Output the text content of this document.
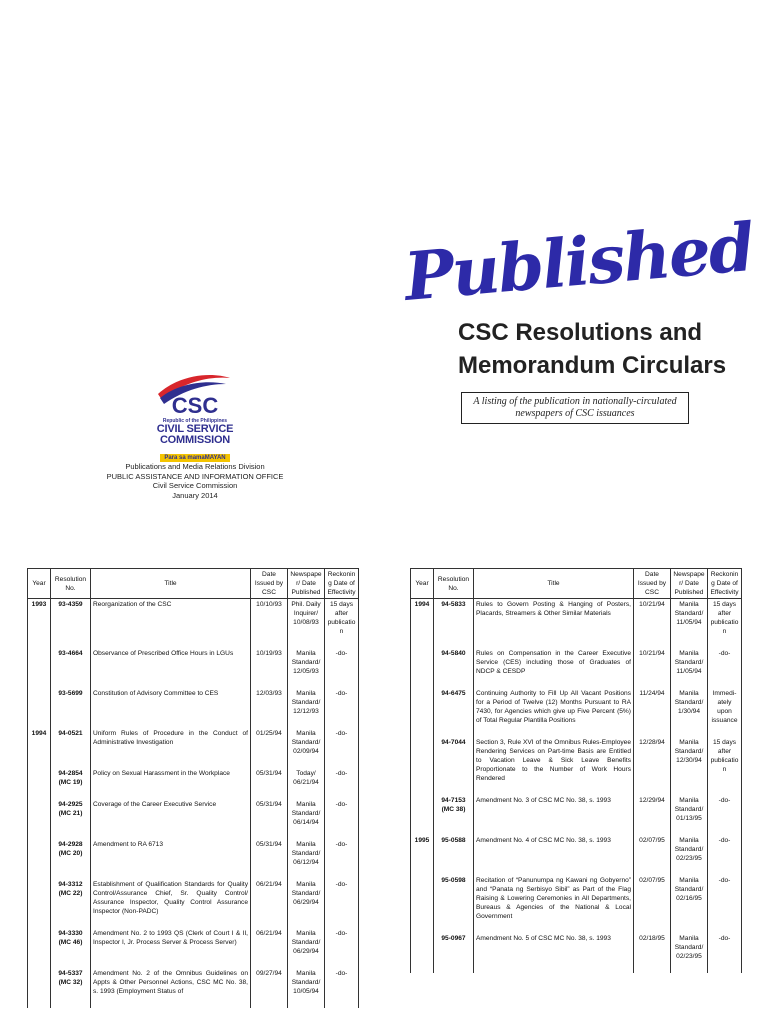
Published
CSC Resolutions and
Memorandum Circulars
A listing of the publication in nationally-circulated newspapers of CSC issuances
CSC
Republic of the Philippines
CIVIL SERVICE
COMMISSION
Para sa mamaMAYAN
Publications and Media Relations Division
PUBLIC ASSISTANCE AND INFORMATION OFFICE
Civil Service Commission
January 2014
Year	Resolution No.	Title	Date Issued by CSC	Newspaper/ Date Published	Reckoning Date of Effectivity
1993	93-4359	Reorganization of the CSC	10/10/93	Phil. Daily Inquirer/ 10/08/93	15 days after publication
	93-4664	Observance of Prescribed Office Hours in LGUs	10/19/93	Manila Standard/ 12/05/93	-do-
	93-5699	Constitution of Advisory Committee to CES	12/03/93	Manila Standard/ 12/12/93	-do-
1994	94-0521	Uniform Rules of Procedure in the Conduct of Administrative Investigation	01/25/94	Manila Standard/ 02/09/94	-do-
	94-2854 (MC 19)	Policy on Sexual Harassment in the Workplace	05/31/94	Today/ 06/21/94	-do-
	94-2925 (MC 21)	Coverage of the Career Executive Service	05/31/94	Manila Standard/ 06/14/94	-do-
	94-2928 (MC 20)	Amendment to RA 6713	05/31/94	Manila Standard/ 06/12/94	-do-
	94-3312 (MC 22)	Establishment of Qualification Standards for Quality Control/Assurance Chief, Sr. Quality Control/ Assurance Inspector, Quality Control Assurance Inspector (Non-PADC)	06/21/94	Manila Standard/ 06/29/94	-do-
	94-3330 (MC 46)	Amendment No. 2 to 1993 QS (Clerk of Court I & II, Inspector I, Jr. Process Server & Process Server)	06/21/94	Manila Standard/ 06/29/94	-do-
	94-5337 (MC 32)	Amendment No. 2 of the Omnibus Guidelines on Appts & Other Personnel Actions, CSC MC No. 38, s. 1993 (Employment Status of	09/27/94	Manila Standard/ 10/05/94	-do-
Year	Resolution No.	Title	Date Issued by CSC	Newspaper/ Date Published	Reckoning Date of Effectivity
1994	94-5833	Rules to Govern Posting & Hanging of Posters, Placards, Streamers & Other Similar Materials	10/21/94	Manila Standard/ 11/05/94	15 days after publication
	94-5840	Rules on Compensation in the Career Executive Service (CES) including those of Graduates of NDCP & CESDP	10/21/94	Manila Standard/ 11/05/94	-do-
	94-6475	Continuing Authority to Fill Up All Vacant Positions for a Period of Twelve (12) Months Pursuant to RA 7430, for Agencies which give up Five Percent (5%) of Total Regular Plantilla Positions	11/24/94	Manila Standard/ 1/30/94	Immedi-ately upon issuance
	94-7044	Section 3, Rule XVI of the Omnibus Rules-Employee Rendering Services on Part-time Basis are Entitled to Vacation Leave & Sick Leave Benefits Proportionate to the Number of Work Hours Rendered	12/28/94	Manila Standard/ 12/30/94	15 days after publication
	94-7153 (MC 38)	Amendment No. 3 of CSC MC No. 38, s. 1993	12/29/94	Manila Standard/ 01/13/95	-do-
1995	95-0588	Amendment No. 4 of CSC MC No. 38, s. 1993	02/07/95	Manila Standard/ 02/23/95	-do-
	95-0598	Recitation of “Panunumpa ng Kawani ng Gobyerno” and “Panata ng Serbisyo Sibil” as Part of the Flag Raising & Lowering Ceremonies in All Departments, Bureaus & Agencies of the National & Local Government	02/07/95	Manila Standard/ 02/16/95	-do-
	95-0967	Amendment No. 5 of CSC MC No. 38, s. 1993	02/18/95	Manila Standard/ 02/23/95	-do-
